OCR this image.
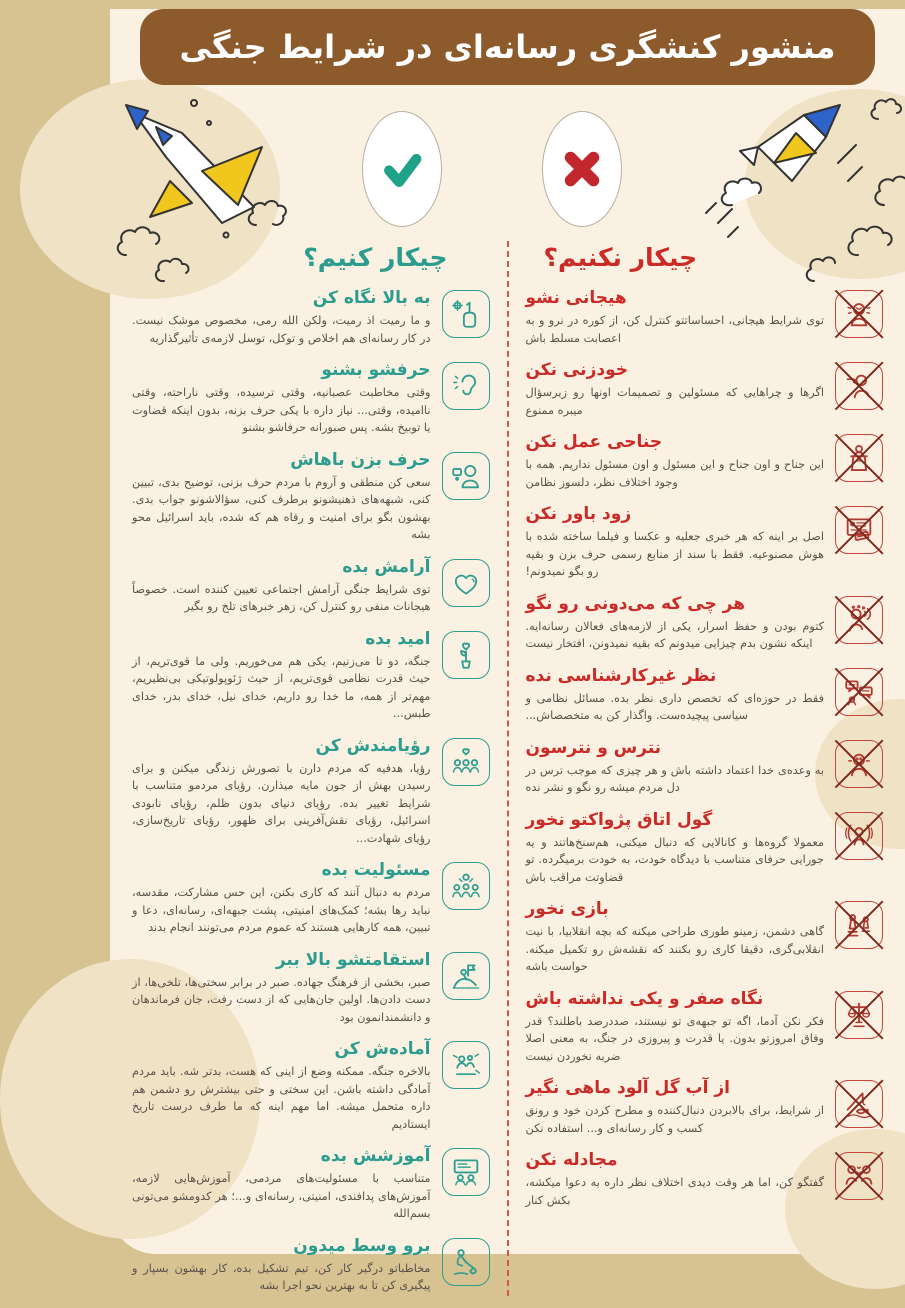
منشور کنشگری رسانه‌ای در شرایط جنگی
چیکار نکنیم؟
هیجانی نشو

توی شرایط هیجانی، احساساتتو کنترل کن، از کوره در نرو و به اعصابت مسلط باش

خودزنی نکن

اگرها و چراهایی که مسئولین و تصمیمات اونها رو زیرسؤال میبره ممنوع

جناحی عمل نکن

این جناح و اون جناح و این مسئول و اون مسئول نداریم. همه با وجود اختلاف نظر، دلسوز نظامن

زود باور نکن

اصل بر اینه که هر خبری جعلیه و عکسا و فیلما ساخته شده با هوش مصنوعیه. فقط با سند از منابع رسمی حرف بزن و بقیه رو بگو نمیدونم!

هر چی که می‌دونی رو نگو

کتوم بودن و حفظ اسرار، یکی از لازمه‌های فعالان رسانه‌ایه. اینکه نشون بدم چیزایی میدونم که بقیه نمیدونن، افتخار نیست

نظر غیرکارشناسی نده

فقط در حوزه‌ای که تخصص داری نظر بده. مسائل نظامی و سیاسی پیچیده‌ست. واگذار کن به متخصصاش...

نترس و نترسون

به وعده‌ی خدا اعتماد داشته باش و هر چیزی که موجب ترس در دل مردم میشه رو نگو و نشر نده

گول اتاق پژواکتو نخور

معمولا گروه‌ها و کانالایی که دنبال میکنی، هم‌سنخ‌هاتند و یه جورایی حرفای متناسب با دیدگاه خودت، به خودت برمیگرده. تو قضاوتت مراقب باش

بازی نخور

گاهی دشمن، زمینو طوری طراحی میکنه که بچه انقلابیا، با نیت انقلابی‌گری، دقیقا کاری رو بکنند که نقشه‌ش رو تکمیل میکنه. حواست باشه

نگاه صفر و یکی نداشته باش

فکر نکن آدما، اگه تو جبهه‌ی تو نیستند، صددرصد باطلند؟ قدر وفاق امروزتو بدون. یا قدرت و پیروزی در جنگ، به معنی اصلا ضربه نخوردن نیست

از آب گل آلود ماهی نگیر

از شرایط، برای بالابردن دنبال‌کننده و مطرح کردن خود و رونق کسب و کار رسانه‌ای و... استفاده نکن

مجادله نکن

گفتگو کن، اما هر وقت دیدی اختلاف نظر داره به دعوا میکشه، بکش کنار

چیکار کنیم؟
به بالا نگاه کن

و ما رمیت اذ رمیت، ولکن الله رمی، مخصوص موشک نیست. در کار رسانه‌ای هم اخلاص و توکل، توسل لازمه‌ی تأثیرگذاریه

حرفشو بشنو

وقتی مخاطبت عصبانیه، وقتی ترسیده، وقتی ناراحته، وقتی ناامیده، وقتی... نیاز داره با یکی حرف بزنه، بدون اینکه قضاوت یا توبیخ بشه. پس صبورانه حرفاشو بشنو

حرف بزن باهاش

سعی کن منطقی و آروم با مردم حرف بزنی، توضیح بدی، تبیین کنی، شبهه‌های ذهنیشونو برطرف کنی، سؤالاشونو جواب بدی. بهشون بگو برای امنیت و رفاه هم که شده، باید اسرائیل محو بشه

آرامش بده

توی شرایط جنگی آرامش اجتماعی تعیین کننده است. خصوصاً هیجانات منفی رو کنترل کن، زهر خبرهای تلخ رو بگیر

امید بده

جنگه، دو تا می‌زنیم، یکی هم می‌خوریم. ولی ما قوی‌تریم، از حیث قدرت نظامی قوی‌تریم، از حیث ژئوپولوتیکی بی‌نظیریم، مهم‌تر از همه، ما خدا رو داریم، خدای نیل، خدای بدر، خدای طبس...

رؤیامندش کن

رؤیا، هدفیه که مردم دارن با تصورش زندگی میکنن و برای رسیدن بهش از جون مایه میذارن. رؤیای مردمو متناسب با شرایط تغییر بده. رؤیای دنیای بدون ظلم، رؤیای نابودی اسرائیل، رؤیای نقش‌آفرینی برای ظهور، رؤیای تاریخ‌سازی، رؤیای شهادت...

مسئولیت بده

مردم به دنبال آنند که کاری بکنن، این حس مشارکت، مقدسه، نباید رها بشه؛ کمک‌های امنیتی، پشت جبهه‌ای، رسانه‌ای، دعا و تبیین، همه کارهایی هستند که عموم مردم می‌تونند انجام بدند

استقامتشو بالا ببر

صبر، بخشی از فرهنگ جهاده. صبر در برابر سختی‌ها، تلخی‌ها، از دست دادن‌ها. اولین جان‌هایی که از دست رفت، جان فرماندهان و دانشمندانمون بود

آماده‌ش کن

بالاخره جنگه. ممکنه وضع از اینی که هست، بدتر شه. باید مردم آمادگی داشته باشن. این سختی و حتی بیشترش رو دشمن هم داره متحمل میشه. اما مهم اینه که ما طرف درست تاریخ ایستادیم

آموزشش بده

متناسب با مسئولیت‌های مردمی، آموزش‌هایی لازمه، آموزش‌های پدافندی، امنیتی، رسانه‌ای و...؛ هر کدومشو می‌تونی بسم‌الله

برو وسط میدون

مخاطباتو درگیر کار کن، تیم تشکیل بده، کار بهشون بسپار و پیگیری کن تا به بهترین نحو اجرا بشه
